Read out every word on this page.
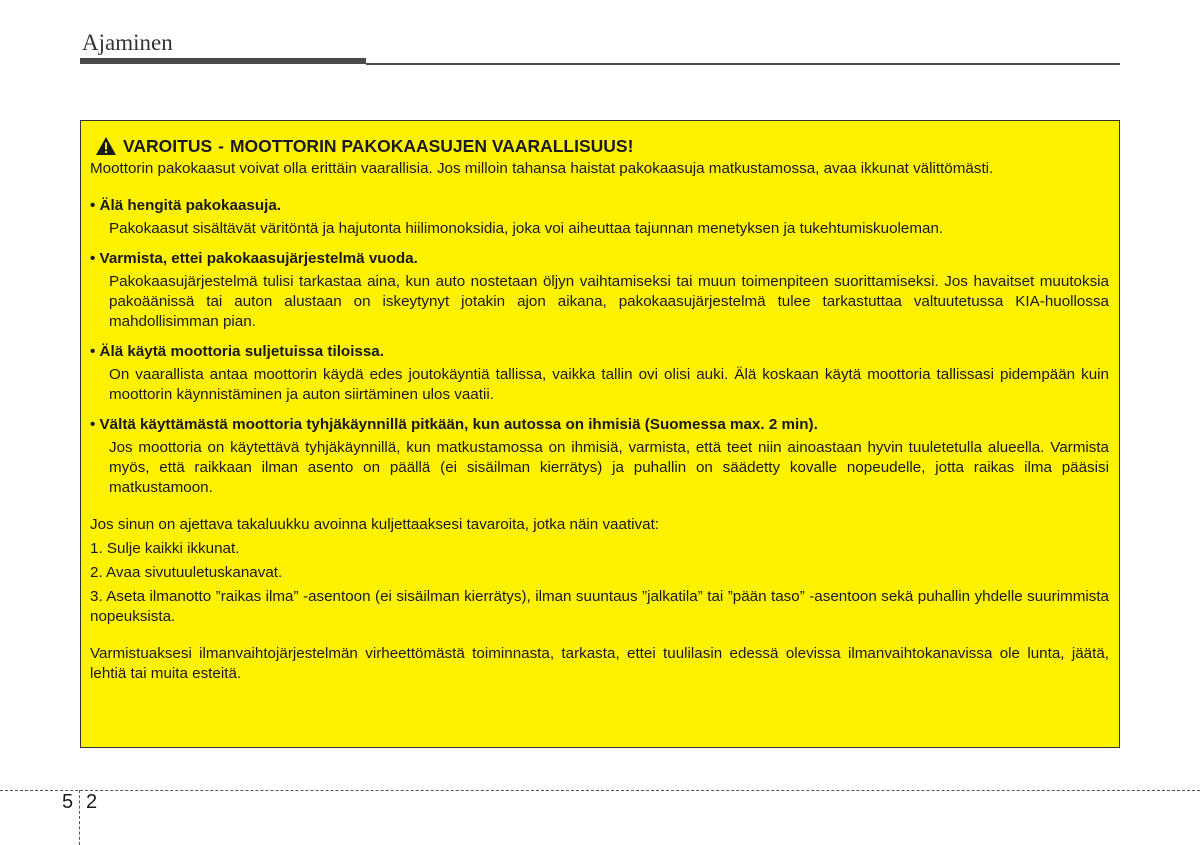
Ajaminen
VAROITUS - MOOTTORIN PAKOKAASUJEN VAARALLISUUS!

Moottorin pakokaasut voivat olla erittäin vaarallisia. Jos milloin tahansa haistat pakokaasuja matkustamossa, avaa ikkunat välittömästi.

• Älä hengitä pakokaasuja.

Pakokaasut sisältävät väritöntä ja hajutonta hiilimonoksidia, joka voi aiheuttaa tajunnan menetyksen ja tukehtumiskuoleman.

• Varmista, ettei pakokaasujärjestelmä vuoda.

Pakokaasujärjestelmä tulisi tarkastaa aina, kun auto nostetaan öljyn vaihtamiseksi tai muun toimenpiteen suorittamiseksi. Jos havaitset muutoksia pakoäänissä tai auton alustaan on iskeytynyt jotakin ajon aikana, pakokaasujärjestelmä tulee tarkastuttaa valtuutetussa KIA-huollossa mahdollisimman pian.

• Älä käytä moottoria suljetuissa tiloissa.

On vaarallista antaa moottorin käydä edes joutokäyntiä tallissa, vaikka tallin ovi olisi auki. Älä koskaan käytä moottoria tallissasi pidempään kuin moottorin käynnistäminen ja auton siirtäminen ulos vaatii.

• Vältä käyttämästä moottoria tyhjäkäynnillä pitkään, kun autossa on ihmisiä (Suomessa max. 2 min).

Jos moottoria on käytettävä tyhjäkäynnillä, kun matkustamossa on ihmisiä, varmista, että teet niin ainoastaan hyvin tuuletetulla alueella. Varmista myös, että raikkaan ilman asento on päällä (ei sisäilman kierrätys) ja puhallin on säädetty kovalle nopeudelle, jotta raikas ilma pääsisi matkustamoon.

Jos sinun on ajettava takaluukku avoinna kuljettaaksesi tavaroita, jotka näin vaativat:

1. Sulje kaikki ikkunat.

2. Avaa sivutuuletuskanavat.

3. Aseta ilmanotto ”raikas ilma” -asentoon (ei sisäilman kierrätys), ilman suuntaus ”jalkatila” tai ”pään taso” -asentoon sekä puhallin yhdelle suurimmista nopeuksista.

Varmistuaksesi ilmanvaihtojärjestelmän virheettömästä toiminnasta, tarkasta, ettei tuulilasin edessä olevissa ilmanvaihtokanavissa ole lunta, jäätä, lehtiä tai muita esteitä.

5 2
